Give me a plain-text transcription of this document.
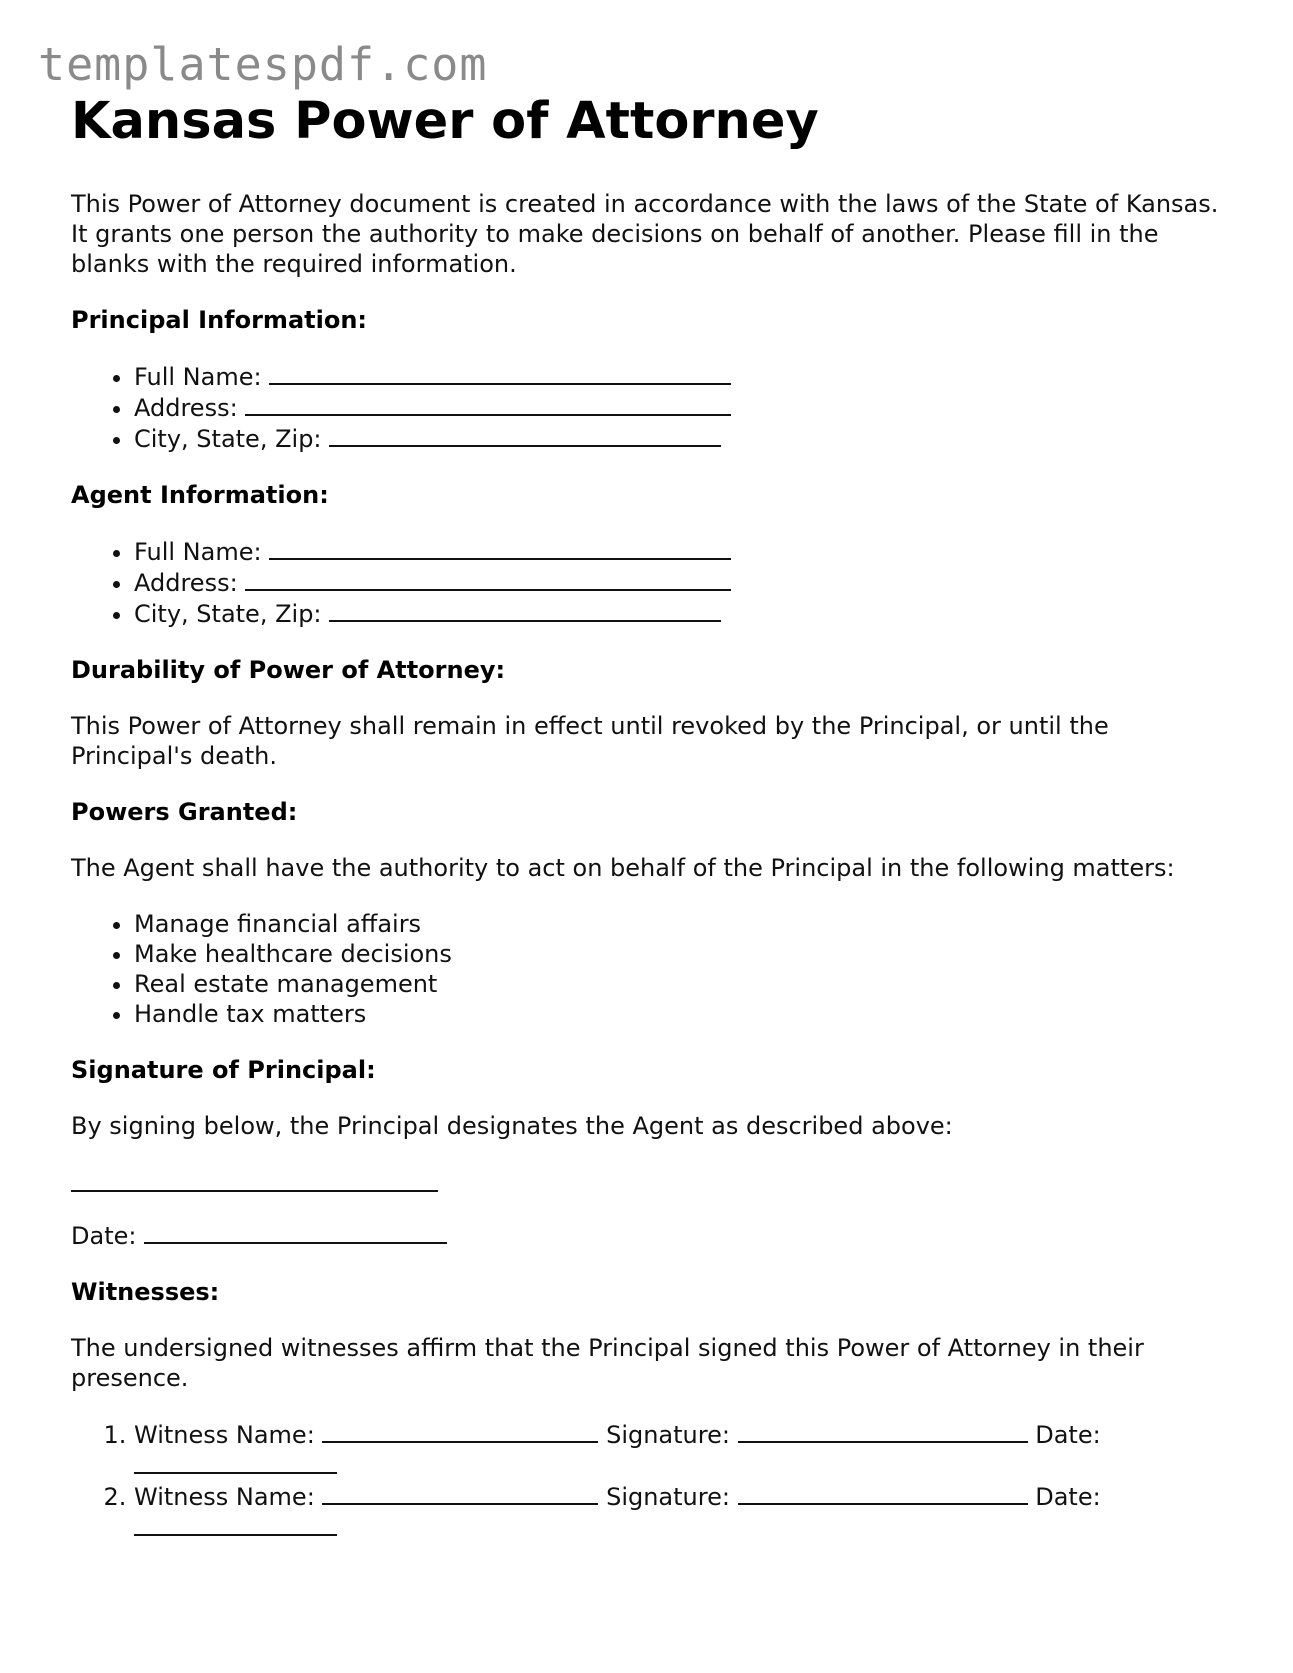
templatespdf.com
Kansas Power of Attorney

This Power of Attorney document is created in accordance with the laws of the State of Kansas. It grants one person the authority to make decisions on behalf of another. Please fill in the blanks with the required information.

Principal Information:
• Full Name:
• Address:
• City, State, Zip:
Agent Information:
• Full Name:
• Address:
• City, State, Zip:
Durability of Power of Attorney:

This Power of Attorney shall remain in effect until revoked by the Principal, or until the Principal's death.

Powers Granted:

The Agent shall have the authority to act on behalf of the Principal in the following matters:

• Manage financial affairs
• Make healthcare decisions
• Real estate management
• Handle tax matters
Signature of Principal:

By signing below, the Principal designates the Agent as described above:

Date:

Witnesses:

The undersigned witnesses affirm that the Principal signed this Power of Attorney in their presence.

1. Witness Name:	Signature:	Date:
2. Witness Name:	Signature:	Date:
